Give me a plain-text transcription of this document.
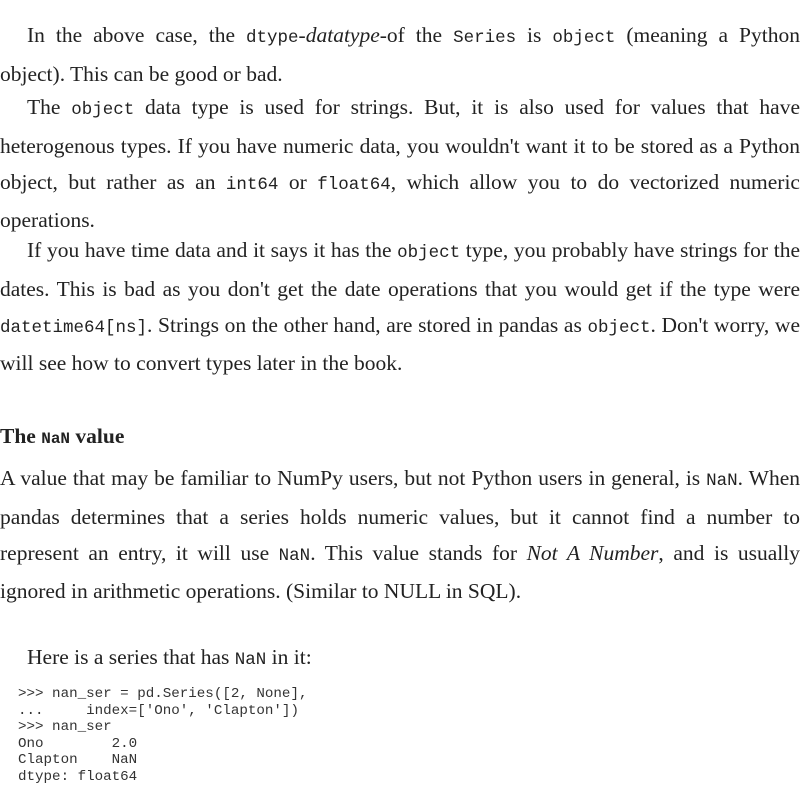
In the above case, the dtype-datatype-of the Series is object (meaning a Python object). This can be good or bad.

The object data type is used for strings. But, it is also used for values that have heterogenous types. If you have numeric data, you wouldn't want it to be stored as a Python object, but rather as an int64 or float64, which allow you to do vectorized numeric operations.

If you have time data and it says it has the object type, you probably have strings for the dates. This is bad as you don't get the date operations that you would get if the type were datetime64[ns]. Strings on the other hand, are stored in pandas as object. Don't worry, we will see how to convert types later in the book.

The NaN value

A value that may be familiar to NumPy users, but not Python users in general, is NaN. When pandas determines that a series holds numeric values, but it cannot find a number to represent an entry, it will use NaN. This value stands for Not A Number, and is usually ignored in arithmetic operations. (Similar to NULL in SQL).

Here is a series that has NaN in it:

>>> nan_ser = pd.Series([2, None],
...     index=['Ono', 'Clapton'])
>>> nan_ser
Ono        2.0
Clapton    NaN
dtype: float64
